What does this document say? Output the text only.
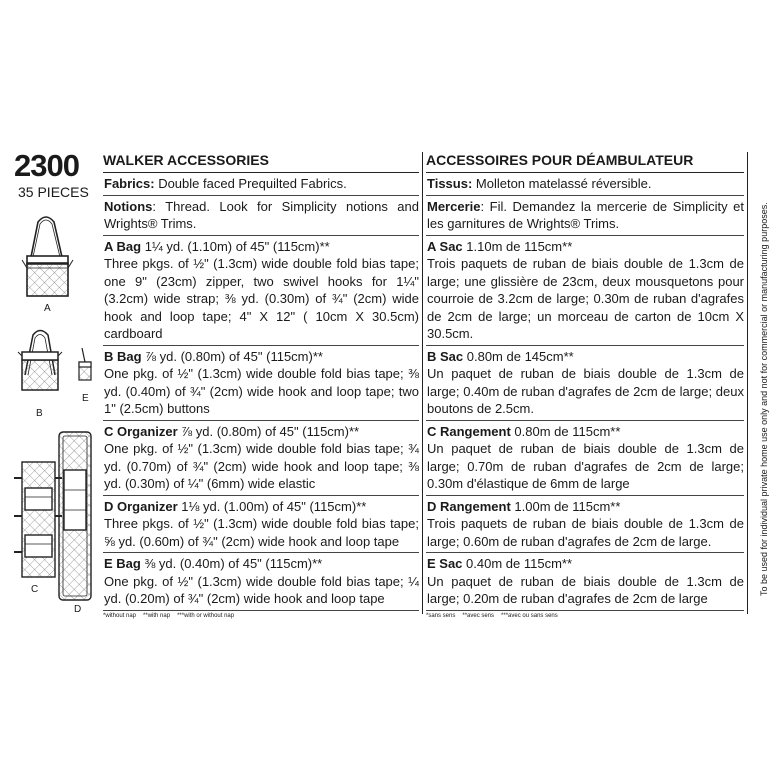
2300
35 PIECES
A
B
E
C
D
WALKER ACCESSORIES
Fabrics: Double faced Prequilted Fabrics.
Notions: Thread. Look for Simplicity notions and Wrights® Trims.
A Bag 1¼ yd. (1.10m) of 45" (115cm)**
Three pkgs. of ½" (1.3cm) wide double fold bias tape; one 9" (23cm) zipper, two swivel hooks for 1¼" (3.2cm) wide strap; ⅜ yd. (0.30m) of ¾" (2cm) wide hook and loop tape; 4" X 12" ( 10cm X 30.5cm) cardboard
B Bag ⅞ yd. (0.80m) of 45" (115cm)**
One pkg. of ½" (1.3cm) wide double fold bias tape; ⅜ yd. (0.40m) of ¾" (2cm) wide hook and loop tape; two 1" (2.5cm) buttons
C Organizer ⅞ yd. (0.80m) of 45" (115cm)**
One pkg. of ½" (1.3cm) wide double fold bias tape; ¾ yd. (0.70m) of ¾" (2cm) wide hook and loop tape; ⅜ yd. (0.30m) of ¼" (6mm) wide elastic
D Organizer 1⅛ yd. (1.00m) of 45" (115cm)**
Three pkgs. of ½" (1.3cm) wide double fold bias tape; ⅝ yd. (0.60m) of ¾" (2cm) wide hook and loop tape
E Bag ⅜ yd. (0.40m) of 45" (115cm)**
One pkg. of ½" (1.3cm) wide double fold bias tape; ¼ yd. (0.20m) of ¾" (2cm) wide hook and loop tape
*without nap **with nap ***with or without nap
ACCESSOIRES POUR DÉAMBULATEUR
Tissus: Molleton matelassé réversible.
Mercerie: Fil. Demandez la mercerie de Simplicity et les garnitures de Wrights® Trims.
A Sac 1.10m de 115cm**
Trois paquets de ruban de biais double de 1.3cm de large; une glissière de 23cm, deux mousquetons pour courroie de 3.2cm de large; 0.30m de ruban d'agrafes de 2cm de large; un morceau de carton de 10cm X 30.5cm.
B Sac 0.80m de 145cm**
Un paquet de ruban de biais double de 1.3cm de large; 0.40m de ruban d'agrafes de 2cm de large; deux boutons de 2.5cm.
C Rangement 0.80m de 115cm**
Un paquet de ruban de biais double de 1.3cm de large; 0.70m de ruban d'agrafes de 2cm de large; 0.30m d'élastique de 6mm de large
D Rangement 1.00m de 115cm**
Trois paquets de ruban de biais double de 1.3cm de large; 0.60m de ruban d'agrafes de 2cm de large.
E Sac 0.40m de 115cm**
Un paquet de ruban de biais double de 1.3cm de large; 0.20m de ruban d'agrafes de 2cm de large
*sans sens **avec sens ***avec ou sans sens
To be used for individual private home use only and not for commercial or manufacturing purposes.
